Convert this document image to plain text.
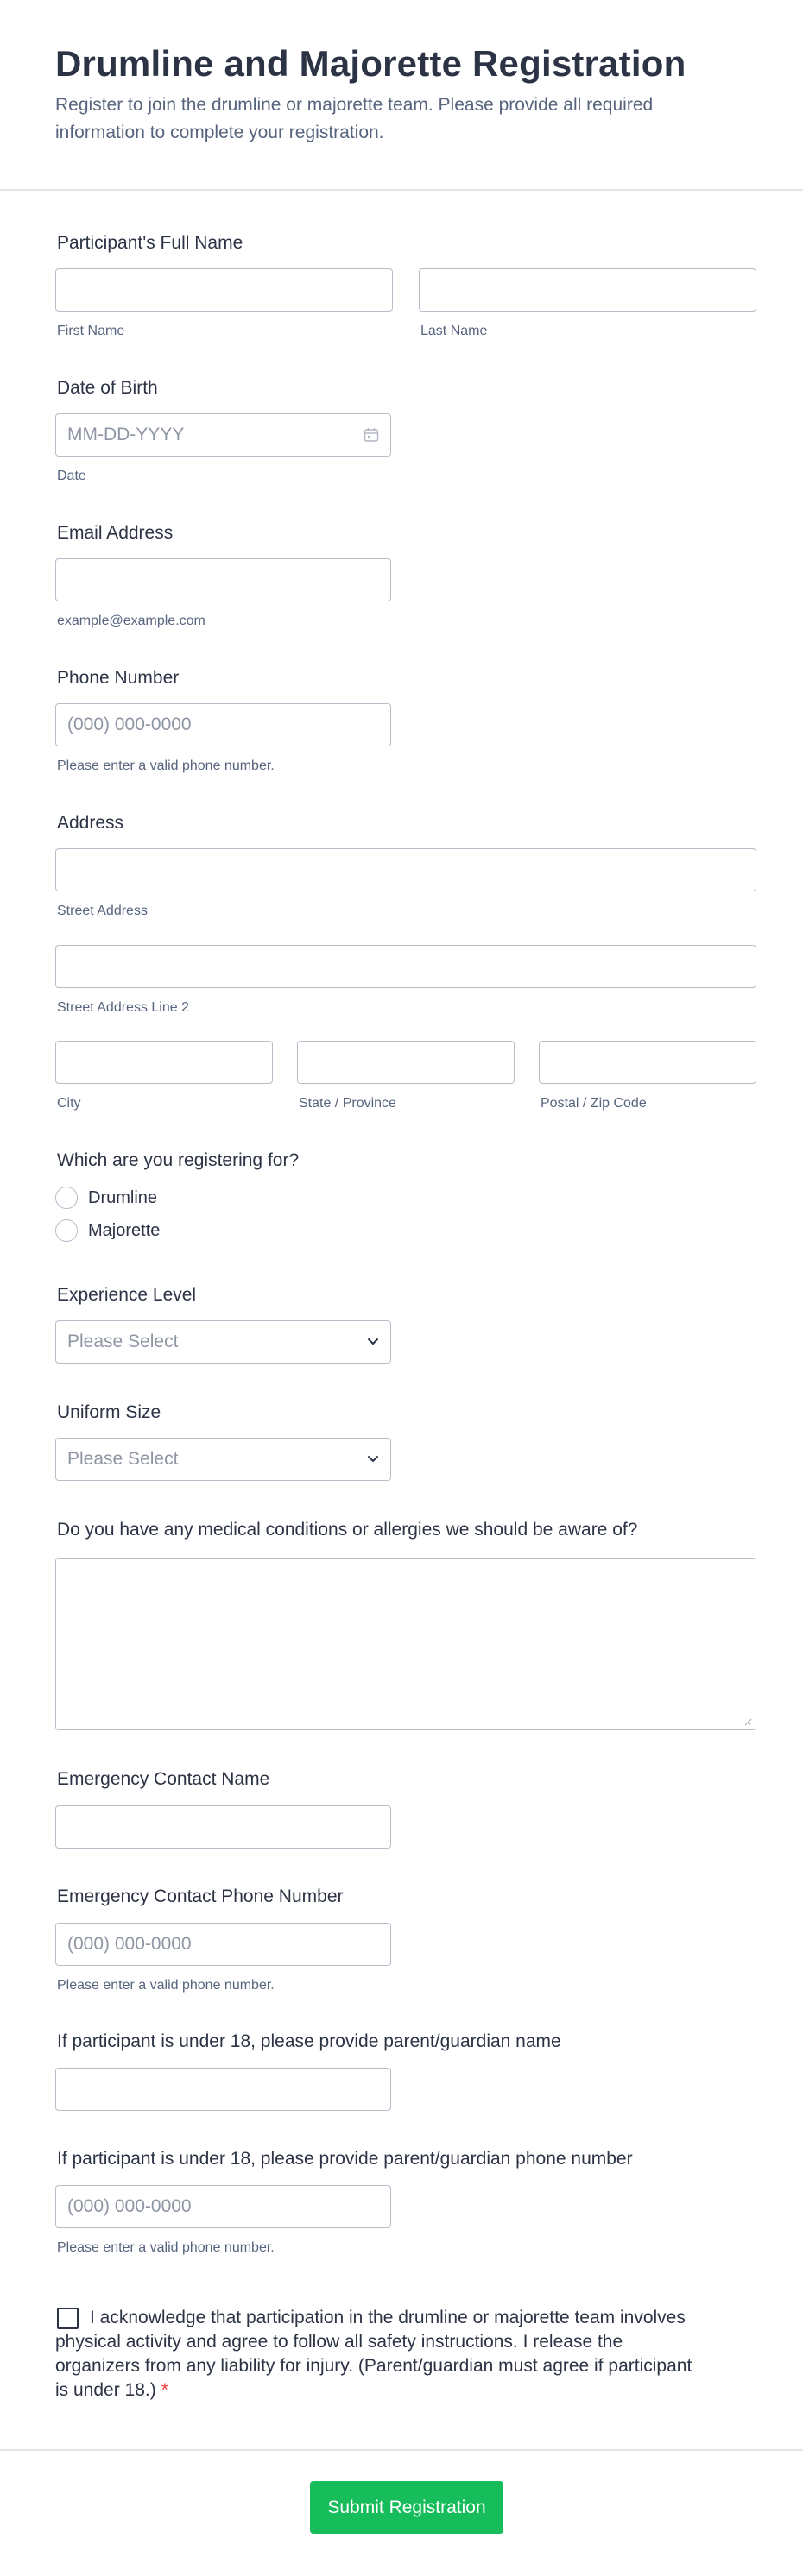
Drumline and Majorette Registration
Register to join the drumline or majorette team. Please provide all required information to complete your registration.
Participant's Full Name
First Name	Last Name
Date of Birth
MM-DD-YYYY
Date
Email Address
example@example.com
Phone Number
(000) 000-0000
Please enter a valid phone number.
Address
Street Address
Street Address Line 2
City	State / Province	Postal / Zip Code
Which are you registering for?
Drumline
Majorette
Experience Level
Please Select
Uniform Size
Please Select
Do you have any medical conditions or allergies we should be aware of?
Emergency Contact Name
Emergency Contact Phone Number
(000) 000-0000
Please enter a valid phone number.
If participant is under 18, please provide parent/guardian name
If participant is under 18, please provide parent/guardian phone number
(000) 000-0000
Please enter a valid phone number.
I acknowledge that participation in the drumline or majorette team involves physical activity and agree to follow all safety instructions. I release the organizers from any liability for injury. (Parent/guardian must agree if participant is under 18.) *
Submit Registration
